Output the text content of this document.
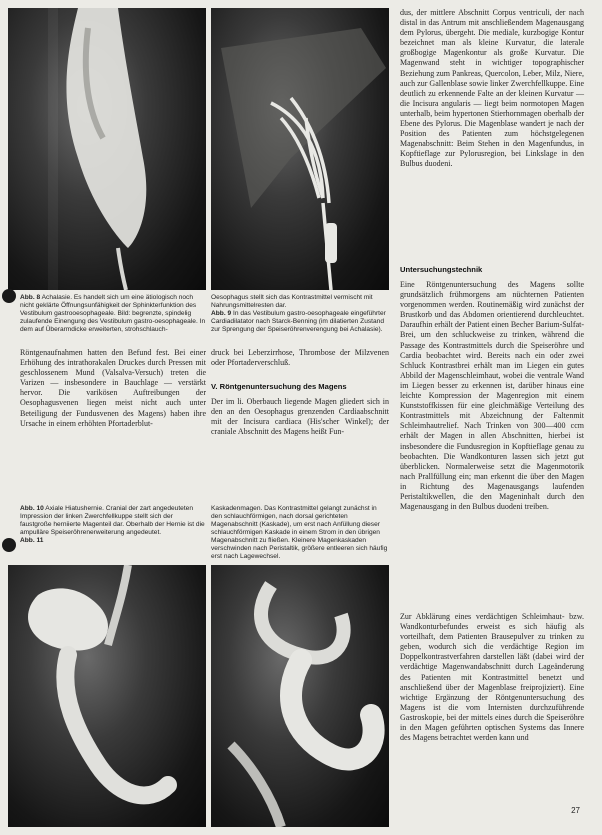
Abb. 8 Achalasie. Es handelt sich um eine ätiologisch noch nicht geklärte Öffnungsunfähigkeit der Sphinkterfunktion des Vestibulum gastrooesophageale. Bild: begrenzte, spindelig zulaufende Einengung des Vestibulum gastro-oesophageale. In dem auf Überarmdicke erweiterten, strohschlauch-
Oesophagus stellt sich das Kontrastmittel vermischt mit Nahrungsmittelresten dar.
Abb. 9 In das Vestibulum gastro-oesophageale eingeführter Cardiadilatator nach Starck-Benning (im dilatierten Zustand zur Sprengung der Speiseröhrenverengung bei Achalasie).

Röntgenaufnahmen hatten den Befund fest. Bei einer Erhöhung des intrathorakalen Druckes durch Pressen mit geschlossenem Mund (Valsalva-Versuch) treten die Varizen — insbesondere in Bauchlage — verstärkt hervor. Die varikösen Auftreibungen der Oesophagusvenen liegen meist nicht auch unter Beteiligung der Fundusvenen des Magens) haben ihre Ursache in einem erhöhten Pfortaderblut-

druck bei Leberzirrhose, Thrombose der Milzvenen oder Pfortaderverschluß.

V. Röntgenuntersuchung des Magens

Der im li. Oberbauch liegende Magen gliedert sich in den an den Oesophagus grenzenden Cardiaabschnitt mit der Incisura cardiaca (His'scher Winkel); der craniale Abschnitt des Magens heißt Fun-

Abb. 10 Axiale Hiatushernie. Cranial der zart angedeuteten Impression der linken Zwerchfellkuppe stellt sich der faustgroße herniierte Magenteil dar. Oberhalb der Hernie ist die ampulläre Speiseröhrenerweiterung angedeutet.
Abb. 11
Kaskadenmagen. Das Kontrastmittel gelangt zunächst in den schlauchförmigen, nach dorsal gerichteten Magenabschnitt (Kaskade), um erst nach Anfüllung dieser schlauchförmigen Kaskade in einem Strom in den übrigen Magenabschnitt zu fließen. Kleinere Magenkaskaden verschwinden nach Peristaltik, größere entleeren sich häufig erst nach Lagewechsel.

dus, der mittlere Abschnitt Corpus ventriculi, der nach distal in das Antrum mit anschließendem Magenausgang dem Pylorus, übergeht. Die mediale, kurzbogige Kontur bezeichnet man als kleine Kurvatur, die laterale großbogige Magenkontur als große Kurvatur. Die Magenwand steht in wichtiger topographischer Beziehung zum Pankreas, Quercolon, Leber, Milz, Niere, auch zur Gallenblase sowie linker Zwerchfellkuppe. Eine deutlich zu erkennende Falte an der kleinen Kurvatur — die Incisura angularis — liegt beim normotopen Magen unterhalb, beim hypertonen Stierhornmagen oberhalb der Ebene des Pylorus. Die Magenblase wandert je nach der Position des Patienten zum höchstgelegenen Magenabschnitt: Beim Stehen in den Magenfundus, in Kopftieflage zur Pylorusregion, bei Linkslage in den Bulbus duodeni.

Untersuchungstechnik

Eine Röntgenuntersuchung des Magens sollte grundsätzlich frühmorgens am nüchternen Patienten vorgenommen werden. Routinemäßig wird zunächst der Brustkorb und das Abdomen orientierend durchleuchtet. Daraufhin erhält der Patient einen Becher Barium-Sulfat-Brei, um den schluckweise zu trinken, während die Passage des Kontrastmittels durch die Speiseröhre und Cardia beobachtet wird. Bereits nach ein oder zwei Schluck Kontrastbrei erhält man im Liegen ein gutes Abbild der Magenschleimhaut, wobei die ventrale Wand im Liegen besser zu erkennen ist, darüber hinaus eine leichte Kompression der Magenregion mit einem Kunststoffkissen für eine gleichmäßige Verteilung des Kontrastmittels mit Abzeichnung der Faltenmit Schleimhautrelief. Nach Trinken von 300—400 ccm erhält der Magen in allen Abschnitten, hierbei ist insbesondere die Fundusregion in Kopftieflage genau zu beobachten. Die Wandkonturen lassen sich jetzt gut überblicken. Normalerweise setzt die Magenmotorik nach Prallfüllung ein; man erkennt die über den Magen in Richtung des Magenausgangs laufenden Peristaltikwellen, die den Mageninhalt durch den Magenausgang in den Bulbus duodeni treiben.

Zur Abklärung eines verdächtigen Schleimhaut- bzw. Wandkonturbefundes erweist es sich häufig als vorteilhaft, dem Patienten Brausepulver zu trinken zu geben, wodurch sich die verdächtige Region im Doppelkontrastverfahren darstellen läßt (dabei wird der verdächtige Magenwandabschnitt durch Lageänderung des Patienten mit Kontrastmittel benetzt und anschließend über der Magenblase freiprojiziert). Eine wichtige Ergänzung der Röntgenuntersuchung des Magens ist die vom Internisten durchzuführende Gastroskopie, bei der mittels eines durch die Speiseröhre in den Magen geführten optischen Systems das Innere des Magens betrachtet werden kann und

27
